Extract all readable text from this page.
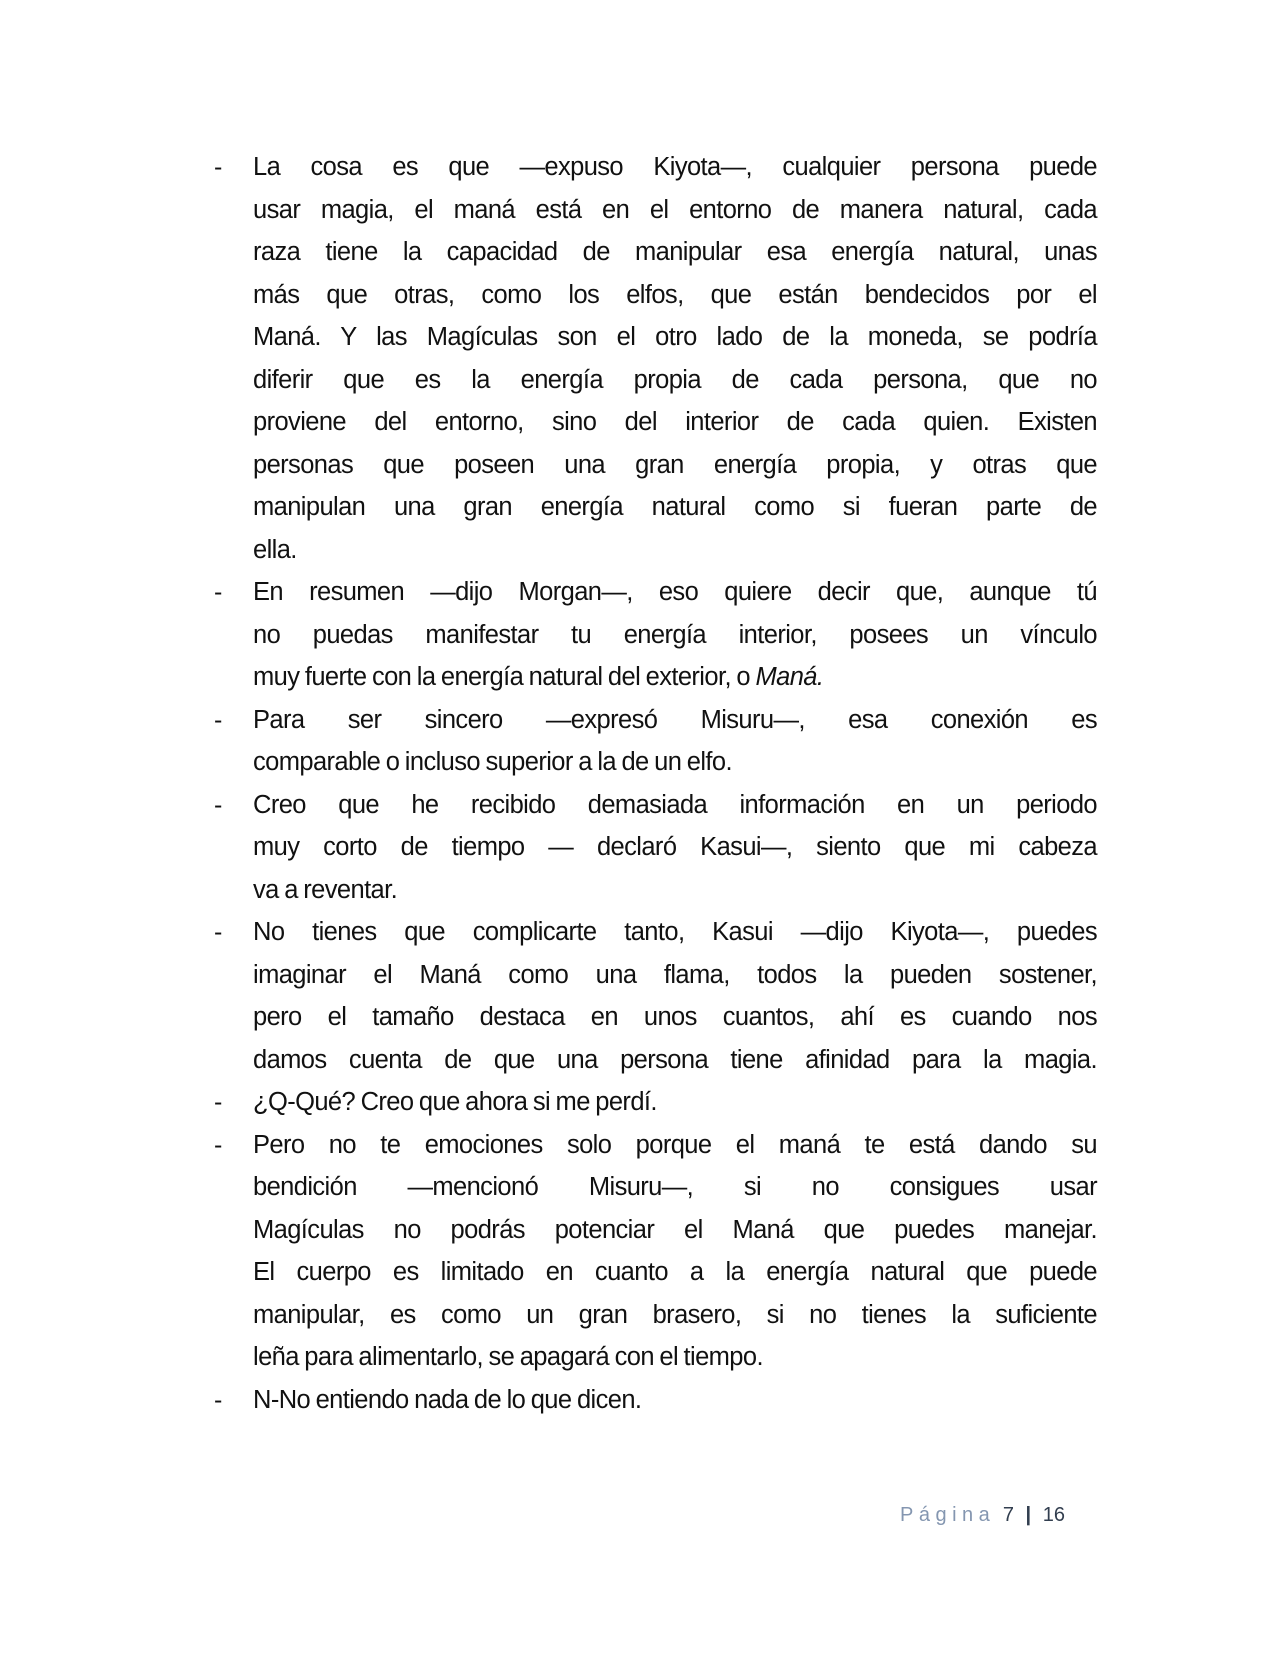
- La cosa es que —expuso Kiyota—, cualquier persona puede
usar magia, el maná está en el entorno de manera natural, cada
raza tiene la capacidad de manipular esa energía natural, unas
más que otras, como los elfos, que están bendecidos por el
Maná. Y las Magículas son el otro lado de la moneda, se podría
diferir que es la energía propia de cada persona, que no
proviene del entorno, sino del interior de cada quien. Existen
personas que poseen una gran energía propia, y otras que
manipulan una gran energía natural como si fueran parte de
ella.
- En resumen —dijo Morgan—, eso quiere decir que, aunque tú
no puedas manifestar tu energía interior, posees un vínculo
muy fuerte con la energía natural del exterior, o Maná.
- Para ser sincero —expresó Misuru—, esa conexión es
comparable o incluso superior a la de un elfo.
- Creo que he recibido demasiada información en un periodo
muy corto de tiempo — declaró Kasui—, siento que mi cabeza
va a reventar.
- No tienes que complicarte tanto, Kasui —dijo Kiyota—, puedes
imaginar el Maná como una flama, todos la pueden sostener,
pero el tamaño destaca en unos cuantos, ahí es cuando nos
damos cuenta de que una persona tiene afinidad para la magia.
- ¿Q-Qué? Creo que ahora si me perdí.
- Pero no te emociones solo porque el maná te está dando su
bendición —mencionó Misuru—, si no consigues usar
Magículas no podrás potenciar el Maná que puedes manejar.
El cuerpo es limitado en cuanto a la energía natural que puede
manipular, es como un gran brasero, si no tienes la suficiente
leña para alimentarlo, se apagará con el tiempo.
- N-No entiendo nada de lo que dicen.
Página 7 | 16
